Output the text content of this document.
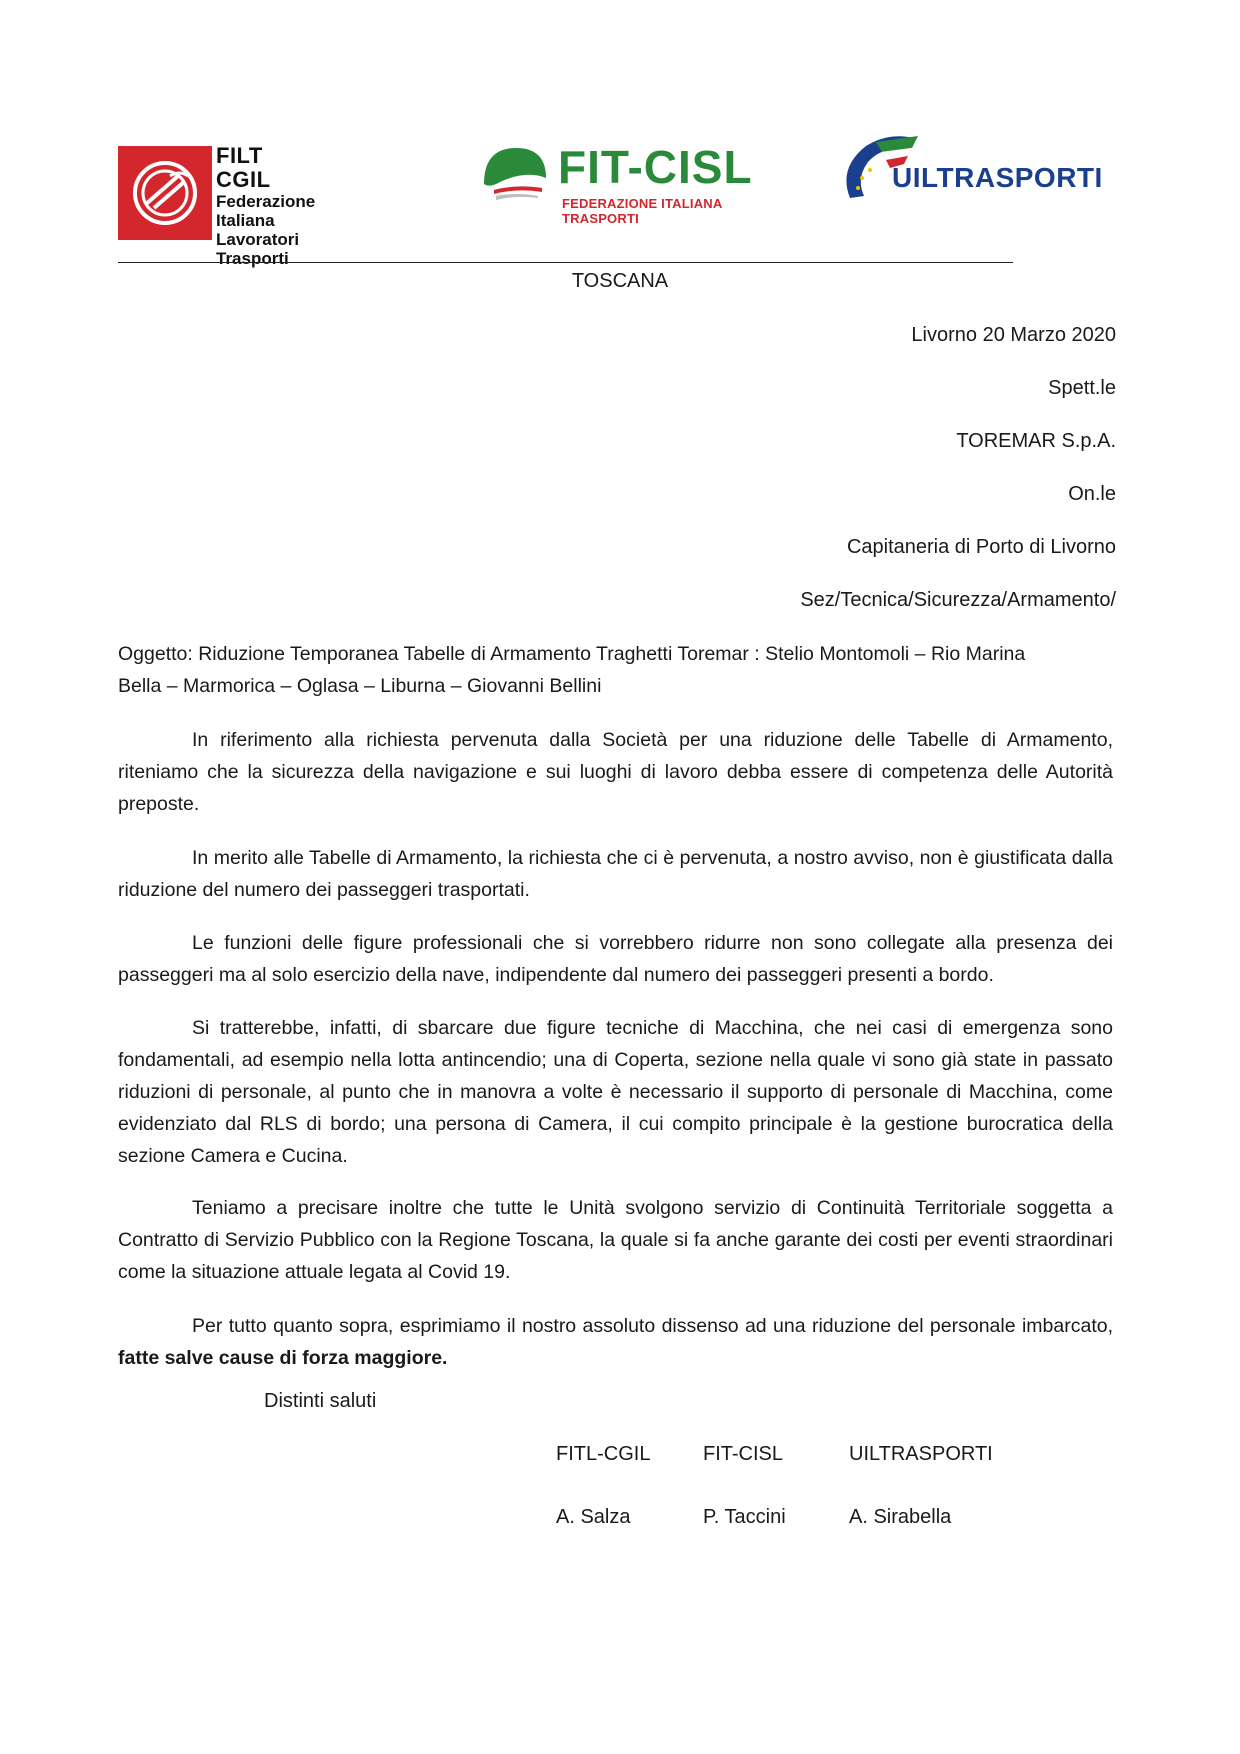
FILT CGIL
Federazione
Italiana
Lavoratori
Trasporti
FIT-CISL
FEDERAZIONE ITALIANA TRASPORTI
UILTRASPORTI
TOSCANA
Livorno 20 Marzo 2020
Spett.le
TOREMAR S.p.A.
On.le
Capitaneria di Porto di Livorno
Sez/Tecnica/Sicurezza/Armamento/
Oggetto: Riduzione Temporanea Tabelle di Armamento Traghetti Toremar : Stelio Montomoli – Rio Marina
Bella – Marmorica – Oglasa – Liburna – Giovanni Bellini
In riferimento alla richiesta pervenuta dalla Società per una riduzione delle Tabelle di Armamento, riteniamo che la sicurezza della navigazione e sui luoghi di lavoro debba essere di competenza delle Autorità preposte.
In merito alle Tabelle di Armamento, la richiesta che ci è pervenuta, a nostro avviso, non è giustificata dalla riduzione del numero dei passeggeri trasportati.
Le funzioni delle figure professionali che si vorrebbero ridurre non sono collegate alla presenza dei passeggeri ma al solo esercizio della nave, indipendente dal numero dei passeggeri presenti a bordo.
Si tratterebbe, infatti, di sbarcare due figure tecniche di Macchina, che nei casi di emergenza sono fondamentali, ad esempio nella lotta antincendio; una di Coperta, sezione nella quale vi sono già state in passato riduzioni di personale, al punto che in manovra a volte è necessario il supporto di personale di Macchina, come evidenziato dal RLS di bordo; una persona di Camera, il cui compito principale è la gestione burocratica della sezione Camera e Cucina.
Teniamo a precisare inoltre che tutte le Unità svolgono servizio di Continuità Territoriale soggetta a Contratto di Servizio Pubblico con la Regione Toscana, la quale si fa anche garante dei costi per eventi straordinari come la situazione attuale legata al Covid 19.
Per tutto quanto sopra, esprimiamo il nostro assoluto dissenso ad una riduzione del personale imbarcato, fatte salve cause di forza maggiore.
Distinti saluti
FITL-CGIL	FIT-CISL	UILTRASPORTI
A. Salza	P. Taccini	A. Sirabella
